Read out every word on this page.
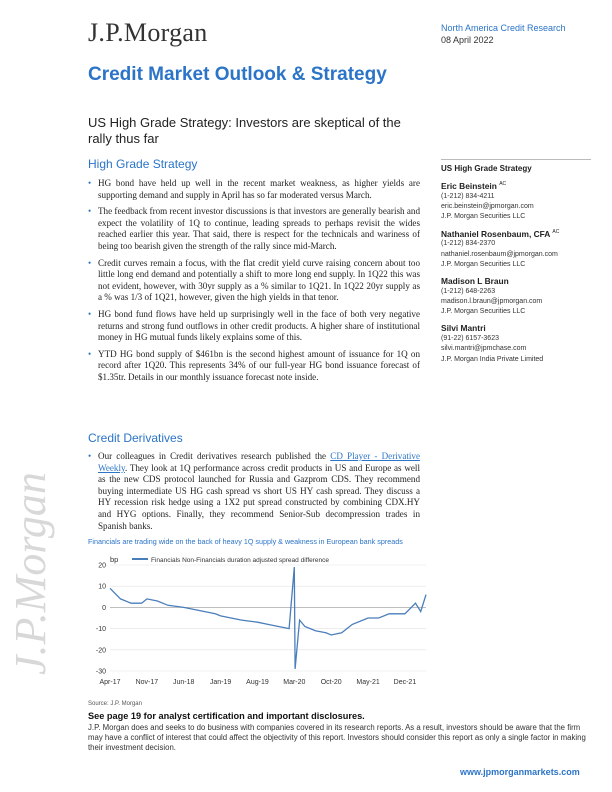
J.P.Morgan
J.P.Morgan	North America Credit Research
08 April 2022
Credit Market Outlook & Strategy
US High Grade Strategy: Investors are skeptical of the rally thus far
High Grade Strategy
• HG bond have held up well in the recent market weakness, as higher yields are supporting demand and supply in April has so far moderated versus March.
• The feedback from recent investor discussions is that investors are generally bearish and expect the volatility of 1Q to continue, leading spreads to perhaps revisit the wides reached earlier this year. That said, there is respect for the technicals and wariness of being too bearish given the strength of the rally since mid-March.
• Credit curves remain a focus, with the flat credit yield curve raising concern about too little long end demand and potentially a shift to more long end supply. In 1Q22 this was not evident, however, with 30yr supply as a % similar to 1Q21. In 1Q22 20yr supply as a % was 1/3 of 1Q21, however, given the high yields in that tenor.
• HG bond fund flows have held up surprisingly well in the face of both very negative returns and strong fund outflows in other credit products. A higher share of institutional money in HG mutual funds likely explains some of this.
• YTD HG bond supply of $461bn is the second highest amount of issuance for 1Q on record after 1Q20. This represents 34% of our full-year HG bond issuance forecast of $1.35tr. Details in our monthly issuance forecast note inside.
Credit Derivatives
• Our colleagues in Credit derivatives research published the CD Player - Derivative Weekly. They look at 1Q performance across credit products in US and Europe as well as the new CDS protocol launched for Russia and Gazprom CDS. They recommend buying intermediate US HG cash spread vs short US HY cash spread. They discuss a HY recession risk hedge using a 1X2 put spread constructed by combining CDX.HY and HYG options. Finally, they recommend Senior-Sub decompression trades in Spanish banks.
US High Grade Strategy
Eric Beinstein $^{AC}$
(1-212) 834-4211
eric.beinstein@jpmorgan.com
J.P. Morgan Securities LLC
Nathaniel Rosenbaum, CFA $^{AC}$
(1-212) 834-2370
nathaniel.rosenbaum@jpmorgan.com
J.P. Morgan Securities LLC
Madison L Braun
(1-212) 648-2263
madison.l.braun@jpmorgan.com
J.P. Morgan Securities LLC
Silvi Mantri
(91-22) 6157-3623
silvi.mantri@jpmchase.com
J.P. Morgan India Private Limited
Financials are trading wide on the back of heavy 1Q supply & weakness in European bank spreads
20
10
0
-10
-20
-30
Apr-17 Nov-17 Jun-18 Jan-19 Aug-19 Mar-20 Oct-20 May-21 Dec-21
bp	Financials Non-Financials duration adjusted spread difference
Source: J.P. Morgan
See page 19 for analyst certification and important disclosures.
J.P. Morgan does and seeks to do business with companies covered in its research reports. As a result, investors should be aware that the firm may have a conflict of interest that could affect the objectivity of this report. Investors should consider this report as only a single factor in making their investment decision.
www.jpmorganmarkets.com
